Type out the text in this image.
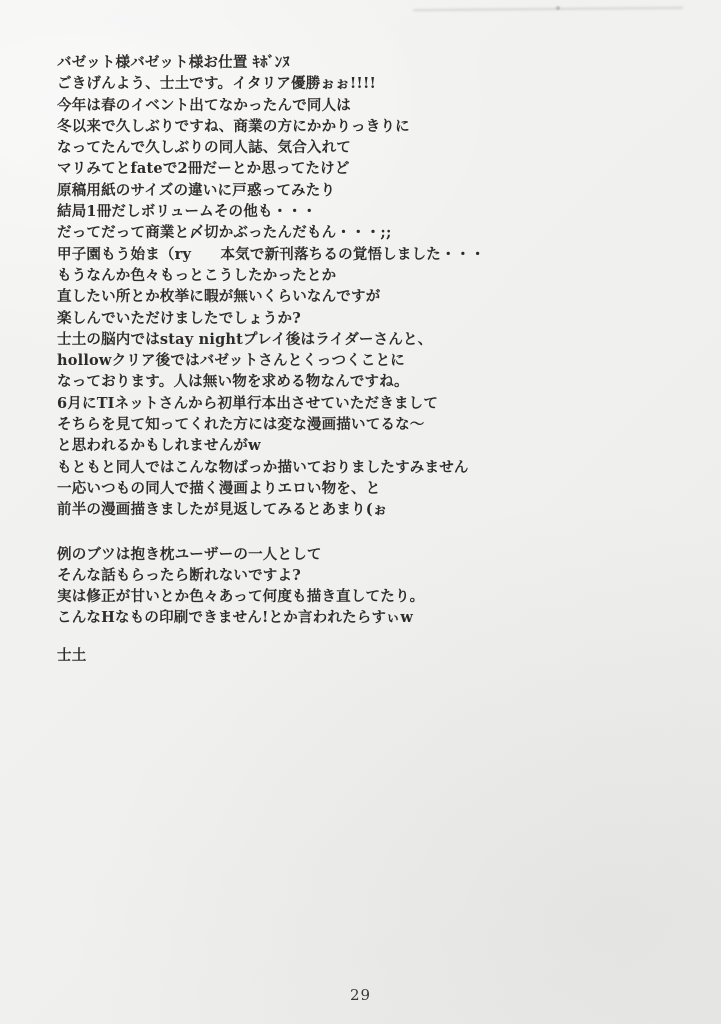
バゼット様バゼット様お仕置 ｷﾎﾞﾝﾇ
ごきげんよう、士土です。イタリア優勝ぉぉ!!!!
今年は春のイベント出てなかったんで同人は
冬以来で久しぶりですね、商業の方にかかりっきりに
なってたんで久しぶりの同人誌、気合入れて
マリみてとfateで2冊だーとか思ってたけど
原稿用紙のサイズの違いに戸惑ってみたり
結局1冊だしボリュームその他も・・・
だってだって商業と〆切かぶったんだもん・・・;;
甲子園もう始ま（ry　　本気で新刊落ちるの覚悟しました・・・
もうなんか色々もっとこうしたかったとか
直したい所とか枚挙に暇が無いくらいなんですが
楽しんでいただけましたでしょうか?
士土の脳内ではstay nightプレイ後はライダーさんと、
hollowクリア後ではバゼットさんとくっつくことに
なっております。人は無い物を求める物なんですね。
6月にTIネットさんから初単行本出させていただきまして
そちらを見て知ってくれた方には変な漫画描いてるな～
と思われるかもしれませんがw
もともと同人ではこんな物ばっか描いておりましたすみません
一応いつもの同人で描く漫画よりエロい物を、と
前半の漫画描きましたが見返してみるとあまり(ぉ
例のブツは抱き枕ユーザーの一人として
そんな話もらったら断れないですよ?
実は修正が甘いとか色々あって何度も描き直してたり。
こんなHなもの印刷できません!とか言われたらすぃw
士土
29
